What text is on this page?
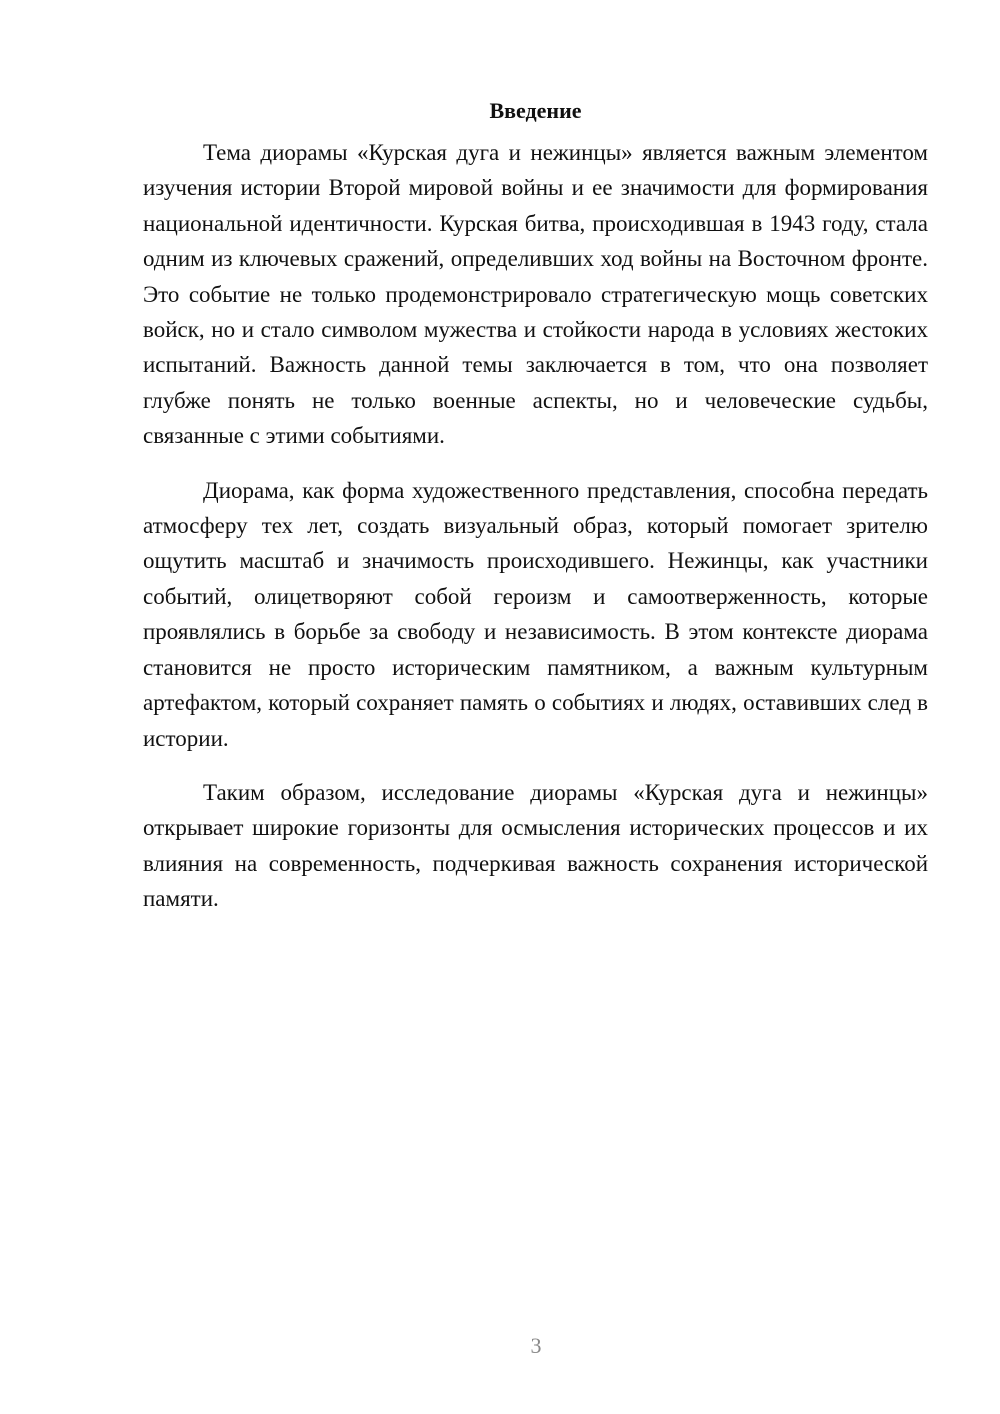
Введение

Тема диорамы «Курская дуга и нежинцы» является важным элементом изучения истории Второй мировой войны и ее значимости для формирования национальной идентичности. Курская битва, происходившая в 1943 году, стала одним из ключевых сражений, определивших ход войны на Восточном фронте. Это событие не только продемонстрировало стратегическую мощь советских войск, но и стало символом мужества и стойкости народа в условиях жестоких испытаний. Важность данной темы заключается в том, что она позволяет глубже понять не только военные аспекты, но и человеческие судьбы, связанные с этими событиями.

Диорама, как форма художественного представления, способна передать атмосферу тех лет, создать визуальный образ, который помогает зрителю ощутить масштаб и значимость происходившего. Нежинцы, как участники событий, олицетворяют собой героизм и самоотверженность, которые проявлялись в борьбе за свободу и независимость. В этом контексте диорама становится не просто историческим памятником, а важным культурным артефактом, который сохраняет память о событиях и людях, оставивших след в истории.

Таким образом, исследование диорамы «Курская дуга и нежинцы» открывает широкие горизонты для осмысления исторических процессов и их влияния на современность, подчеркивая важность сохранения исторической памяти.

3
